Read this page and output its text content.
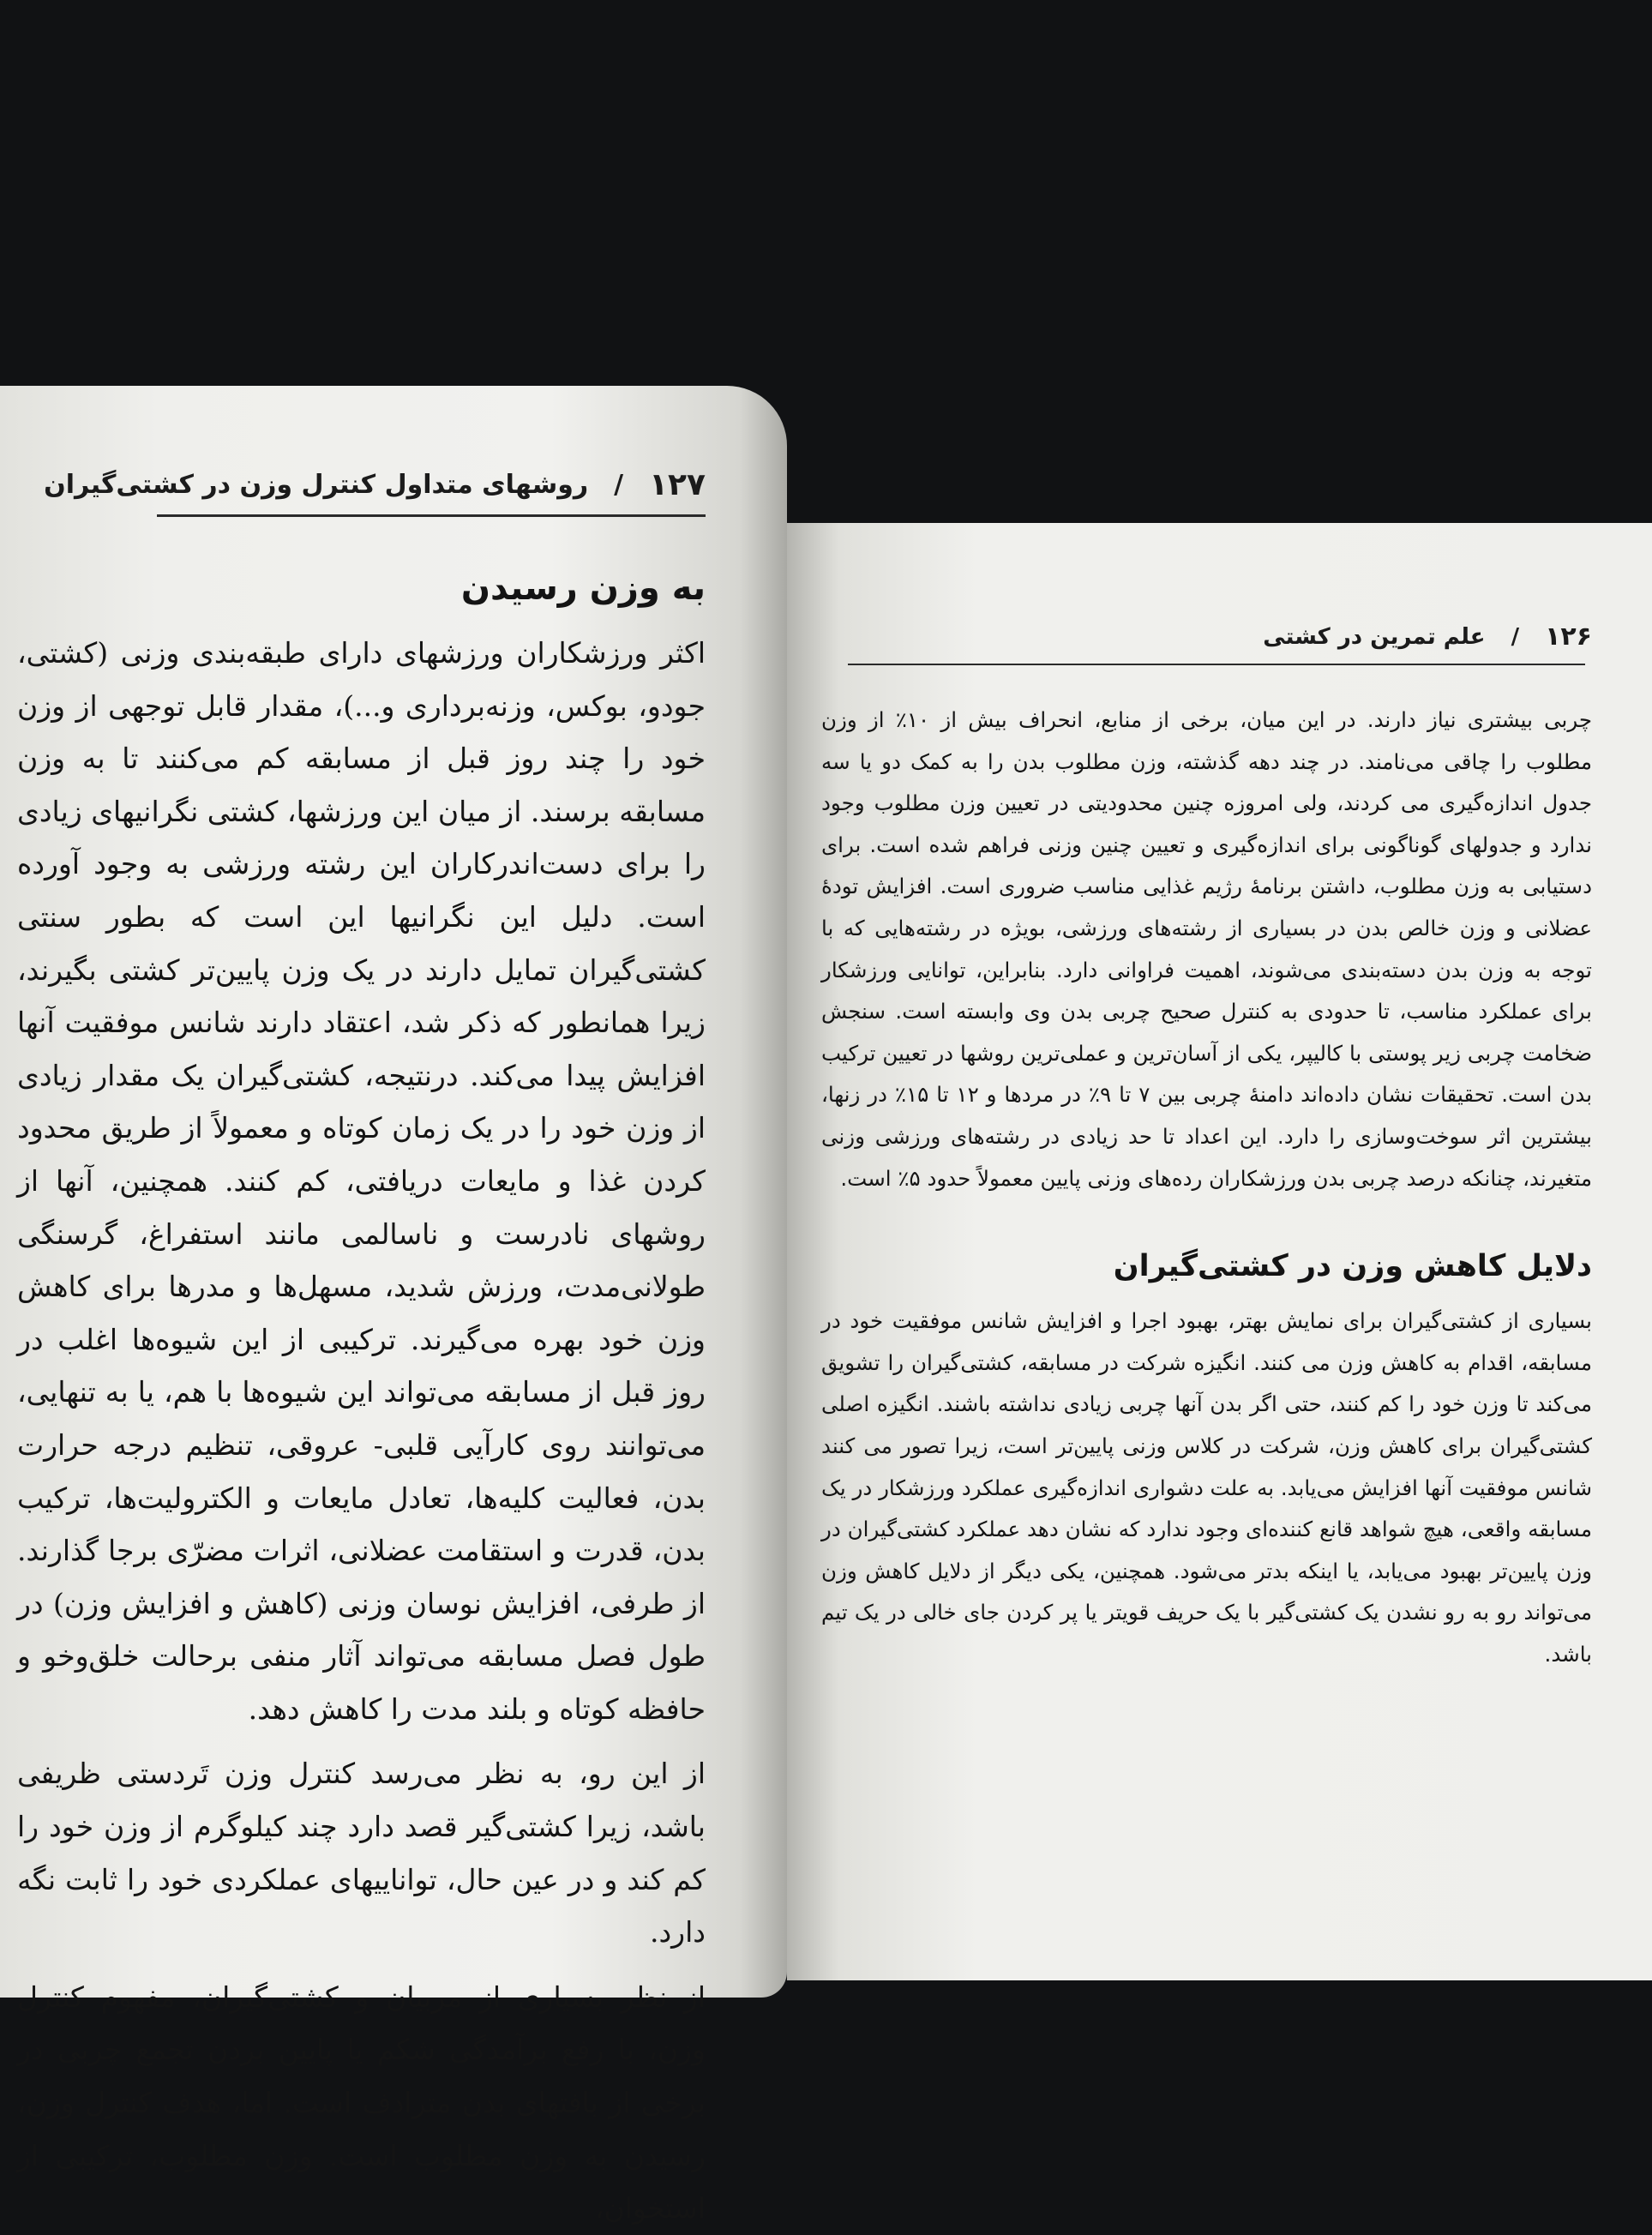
۱۲۷
/
روشهای متداول کنترل وزن در کشتی‌گیران
به وزن رسیدن

اکثر ورزشکاران ورزشهای دارای طبقه‌بندی وزنی (کشتی، جودو، بوکس، وزنه‌برداری و...)، مقدار قابل توجهی از وزن خود را چند روز قبل از مسابقه کم می‌کنند تا به وزن مسابقه برسند. از میان این ورزشها، کشتی نگرانیهای زیادی را برای دست‌اندرکاران این رشته ورزشی به وجود آورده است. دلیل این نگرانیها این است که بطور سنتی کشتی‌گیران تمایل دارند در یک وزن پایین‌تر کشتی بگیرند، زیرا همانطور که ذکر شد، اعتقاد دارند شانس موفقیت آنها افزایش پیدا می‌کند. درنتیجه، کشتی‌گیران یک مقدار زیادی از وزن خود را در یک زمان کوتاه و معمولاً از طریق محدود کردن غذا و مایعات دریافتی، کم کنند. همچنین، آنها از روشهای نادرست و ناسالمی مانند استفراغ، گرسنگی طولانی‌مدت، ورزش شدید، مسهل‌ها و مدرها برای کاهش وزن خود بهره می‌گیرند. ترکیبی از این شیوه‌ها اغلب در روز قبل از مسابقه می‌تواند این شیوه‌ها با هم، یا به تنهایی، می‌توانند روی کارآیی قلبی- عروقی، تنظیم درجه حرارت بدن، فعالیت کلیه‌ها، تعادل مایعات و الکترولیت‌ها، ترکیب بدن، قدرت و استقامت عضلانی، اثرات مضرّی برجا گذارند. از طرفی، افزایش نوسان وزنی (کاهش و افزایش وزن) در طول فصل مسابقه می‌تواند آثار منفی برحالت خلق‌وخو و حافظه کوتاه و بلند مدت را کاهش دهد.

از این رو، به نظر می‌رسد کنترل وزن تَردستی ظریفی باشد، زیرا کشتی‌گیر قصد دارد چند کیلوگرم از وزن خود را کم کند و در عین حال، تواناییهای عملکردی خود را ثابت نگه دارد.

از نظر بسیاری از مربیان و کشتی‌گیران، مفهوم کنترل وزن، با رفع برآمدگی شکم یا پایین بردن تجمع چربی در برخی از بافتهای بدن مترادف است. اما، هدف کنترل وزن، رسیدن به وزن مطلوب است. وزن مطلوب، ترکیبی از استخوان،

۱۲۶
/
علم تمرین در کشتی

چربی بیشتری نیاز دارند. در این میان، برخی از منابع، انحراف بیش از ۱۰٪ از وزن مطلوب را چاقی می‌نامند. در چند دهه گذشته، وزن مطلوب بدن را به کمک دو یا سه جدول اندازه‌گیری می کردند، ولی امروزه چنین محدودیتی در تعیین وزن مطلوب وجود ندارد و جدولهای گوناگونی برای اندازه‌گیری و تعیین چنین وزنی فراهم شده است. برای دستیابی به وزن مطلوب، داشتن برنامهٔ رژیم غذایی مناسب ضروری است. افزایش تودهٔ عضلانی و وزن خالص بدن در بسیاری از رشته‌های ورزشی، بویژه در رشته‌هایی که با توجه به وزن بدن دسته‌بندی می‌شوند، اهمیت فراوانی دارد. بنابراین، توانایی ورزشکار برای عملکرد مناسب، تا حدودی به کنترل صحیح چربی بدن وی وابسته است. سنجش ضخامت چربی زیر پوستی با کالیپر، یکی از آسان‌ترین و عملی‌ترین روشها در تعیین ترکیب بدن است. تحقیقات نشان داده‌اند دامنهٔ چربی بین ۷ تا ۹٪ در مردها و ۱۲ تا ۱۵٪ در زنها، بیشترین اثر سوخت‌وسازی را دارد. این اعداد تا حد زیادی در رشته‌های ورزشی وزنی متغیرند، چنانکه درصد چربی بدن ورزشکاران رده‌های وزنی پایین معمولاً حدود ۵٪ است.

دلایل کاهش وزن در کشتی‌گیران

بسیاری از کشتی‌گیران برای نمایش بهتر، بهبود اجرا و افزایش شانس موفقیت خود در مسابقه، اقدام به کاهش وزن می کنند. انگیزه شرکت در مسابقه، کشتی‌گیران را تشویق می‌کند تا وزن خود را کم کنند، حتی اگر بدن آنها چربی زیادی نداشته باشند. انگیزه اصلی کشتی‌گیران برای کاهش وزن، شرکت در کلاس وزنی پایین‌تر است، زیرا تصور می کنند شانس موفقیت آنها افزایش می‌یابد. به علت دشواری اندازه‌گیری عملکرد ورزشکار در یک مسابقه واقعی، هیچ شواهد قانع کننده‌ای وجود ندارد که نشان دهد عملکرد کشتی‌گیران در وزن پایین‌تر بهبود می‌یابد، یا اینکه بدتر می‌شود. همچنین، یکی دیگر از دلایل کاهش وزن می‌تواند رو به رو نشدن یک کشتی‌گیر با یک حریف قویتر یا پر کردن جای خالی در یک تیم باشد.
